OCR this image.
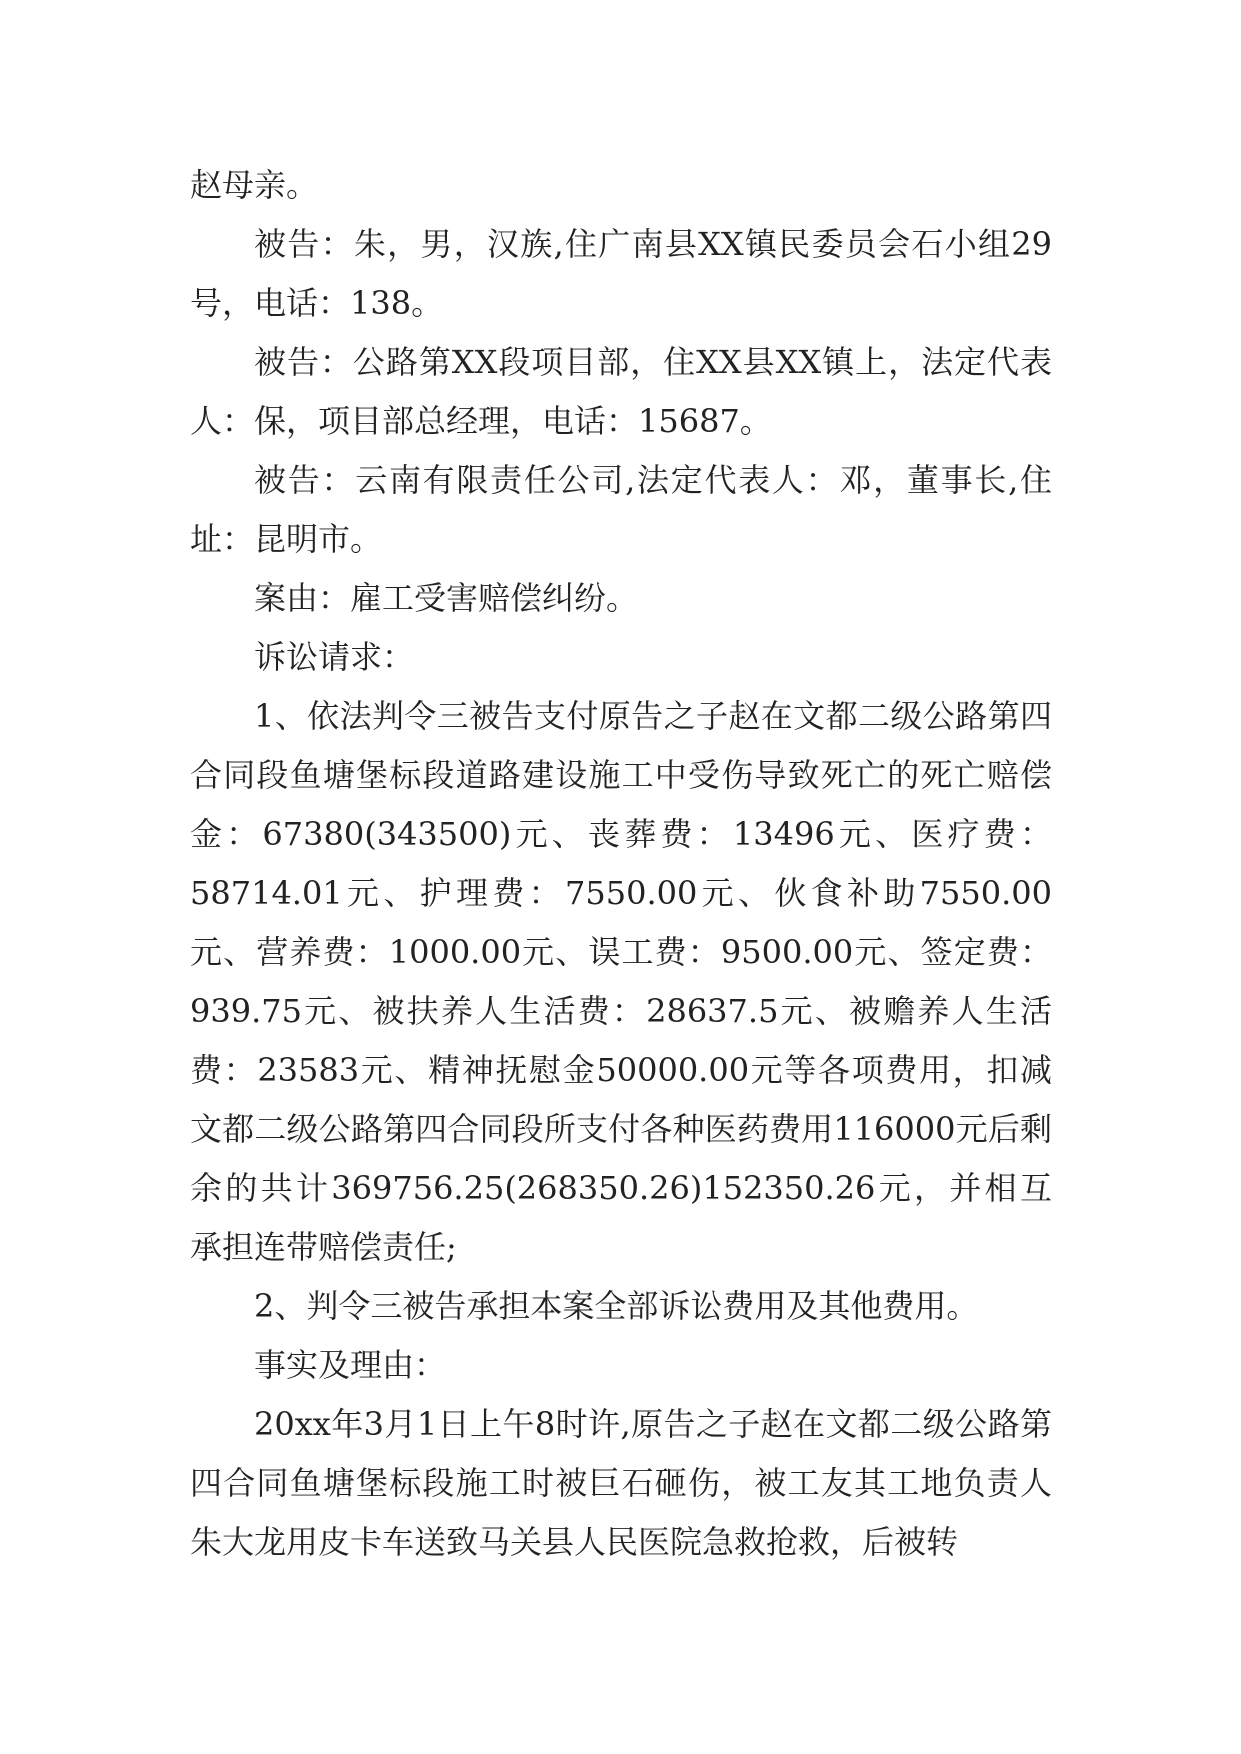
赵母亲。

被告：朱，男，汉族,住广南县XX镇民委员会石小组29号，电话：138。

被告：公路第XX段项目部，住XX县XX镇上，法定代表人：保，项目部总经理，电话：15687。

被告：云南有限责任公司,法定代表人：邓，董事长,住址：昆明市。

案由：雇工受害赔偿纠纷。

诉讼请求：

1、依法判令三被告支付原告之子赵在文都二级公路第四合同段鱼塘堡标段道路建设施工中受伤导致死亡的死亡赔偿金：67380(343500)元、丧葬费：13496元、医疗费：58714.01元、护理费：7550.00元、伙食补助7550.00元、营养费：1000.00元、误工费：9500.00元、签定费：939.75元、被扶养人生活费：28637.5元、被赡养人生活费：23583元、精神抚慰金50000.00元等各项费用，扣减文都二级公路第四合同段所支付各种医药费用116000元后剩余的共计369756.25(268350.26)152350.26元，并相互承担连带赔偿责任;

2、判令三被告承担本案全部诉讼费用及其他费用。

事实及理由：

20xx年3月1日上午8时许,原告之子赵在文都二级公路第四合同鱼塘堡标段施工时被巨石砸伤，被工友其工地负责人朱大龙用皮卡车送致马关县人民医院急救抢救，后被转
